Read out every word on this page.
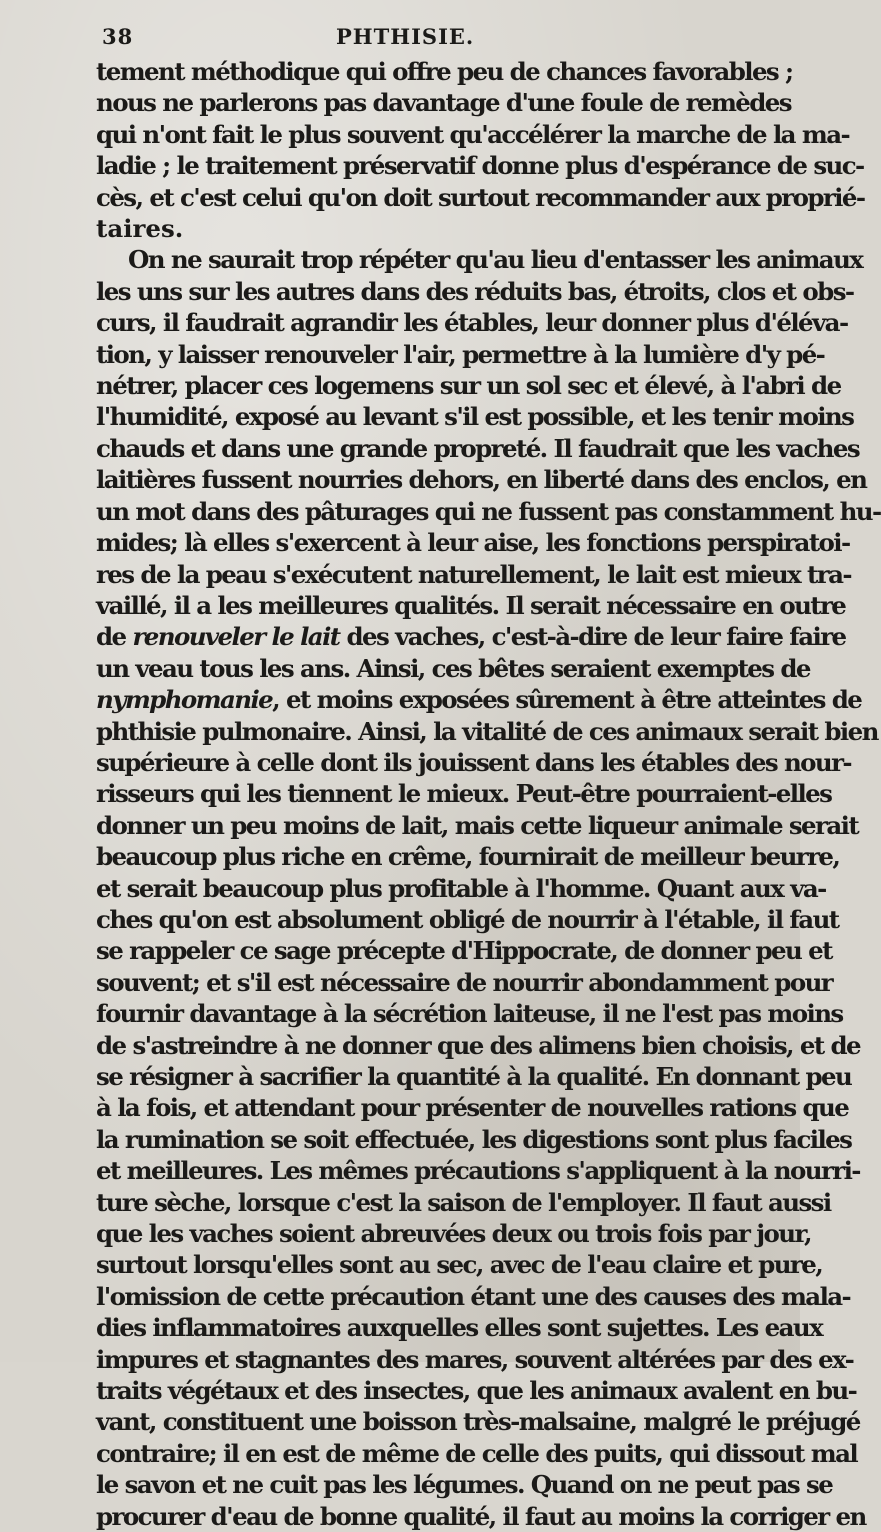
38	PHTHISIE.
tement méthodique qui offre peu de chances favorables ;
nous ne parlerons pas davantage d'une foule de remèdes
qui n'ont fait le plus souvent qu'accélérer la marche de la ma-
ladie ; le traitement préservatif donne plus d'espérance de suc-
cès, et c'est celui qu'on doit surtout recommander aux proprié-
taires.
On ne saurait trop répéter qu'au lieu d'entasser les animaux
les uns sur les autres dans des réduits bas, étroits, clos et obs-
curs, il faudrait agrandir les étables, leur donner plus d'éléva-
tion, y laisser renouveler l'air, permettre à la lumière d'y pé-
nétrer, placer ces logemens sur un sol sec et élevé, à l'abri de
l'humidité, exposé au levant s'il est possible, et les tenir moins
chauds et dans une grande propreté. Il faudrait que les vaches
laitières fussent nourries dehors, en liberté dans des enclos, en
un mot dans des pâturages qui ne fussent pas constamment hu-
mides; là elles s'exercent à leur aise, les fonctions perspiratoi-
res de la peau s'exécutent naturellement, le lait est mieux tra-
vaillé, il a les meilleures qualités. Il serait nécessaire en outre
de renouveler le lait des vaches, c'est-à-dire de leur faire faire
un veau tous les ans. Ainsi, ces bêtes seraient exemptes de
nymphomanie, et moins exposées sûrement à être atteintes de
phthisie pulmonaire. Ainsi, la vitalité de ces animaux serait bien
supérieure à celle dont ils jouissent dans les étables des nour-
risseurs qui les tiennent le mieux. Peut-être pourraient-elles
donner un peu moins de lait, mais cette liqueur animale serait
beaucoup plus riche en crême, fournirait de meilleur beurre,
et serait beaucoup plus profitable à l'homme. Quant aux va-
ches qu'on est absolument obligé de nourrir à l'étable, il faut
se rappeler ce sage précepte d'Hippocrate, de donner peu et
souvent; et s'il est nécessaire de nourrir abondamment pour
fournir davantage à la sécrétion laiteuse, il ne l'est pas moins
de s'astreindre à ne donner que des alimens bien choisis, et de
se résigner à sacrifier la quantité à la qualité. En donnant peu
à la fois, et attendant pour présenter de nouvelles rations que
la rumination se soit effectuée, les digestions sont plus faciles
et meilleures. Les mêmes précautions s'appliquent à la nourri-
ture sèche, lorsque c'est la saison de l'employer. Il faut aussi
que les vaches soient abreuvées deux ou trois fois par jour,
surtout lorsqu'elles sont au sec, avec de l'eau claire et pure,
l'omission de cette précaution étant une des causes des mala-
dies inflammatoires auxquelles elles sont sujettes. Les eaux
impures et stagnantes des mares, souvent altérées par des ex-
traits végétaux et des insectes, que les animaux avalent en bu-
vant, constituent une boisson très-malsaine, malgré le préjugé
contraire; il en est de même de celle des puits, qui dissout mal
le savon et ne cuit pas les légumes. Quand on ne peut pas se
procurer d'eau de bonne qualité, il faut au moins la corriger en
